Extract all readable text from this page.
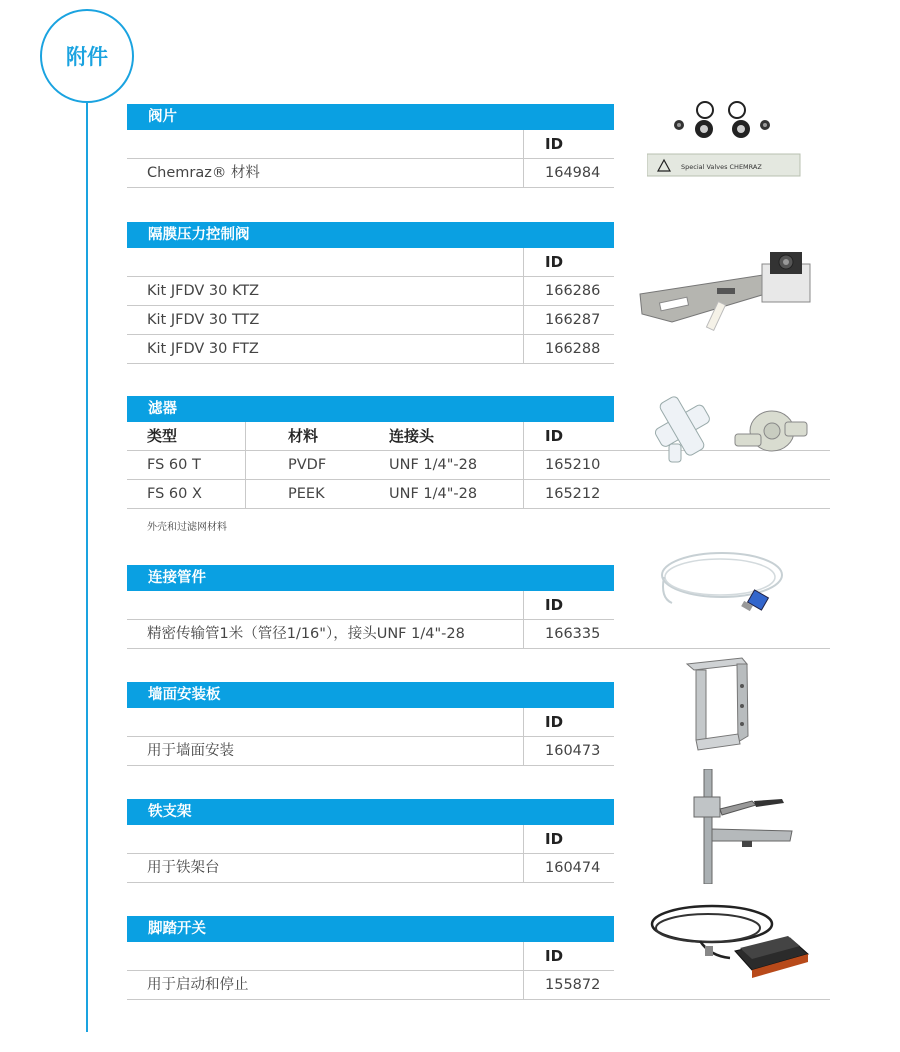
附件
阀片
ID
Chemraz® 材料	164984	Special Valves CHEMRAZ
隔膜压力控制阀
ID
Kit JFDV 30 KTZ	166286
Kit JFDV 30 TTZ	166287
Kit JFDV 30 FTZ	166288
滤器
类型	材料	连接头	ID
FS 60 T	PVDF	UNF 1/4"-28	165210
FS 60 X	PEEK	UNF 1/4"-28	165212
外壳和过滤网材料
连接管件
ID
精密传输管1米（管径1/16"），接头UNF 1/4"-28	166335
墙面安装板
ID
用于墙面安装	160473
铁支架
ID
用于铁架台	160474
脚踏开关
ID
用于启动和停止	155872
